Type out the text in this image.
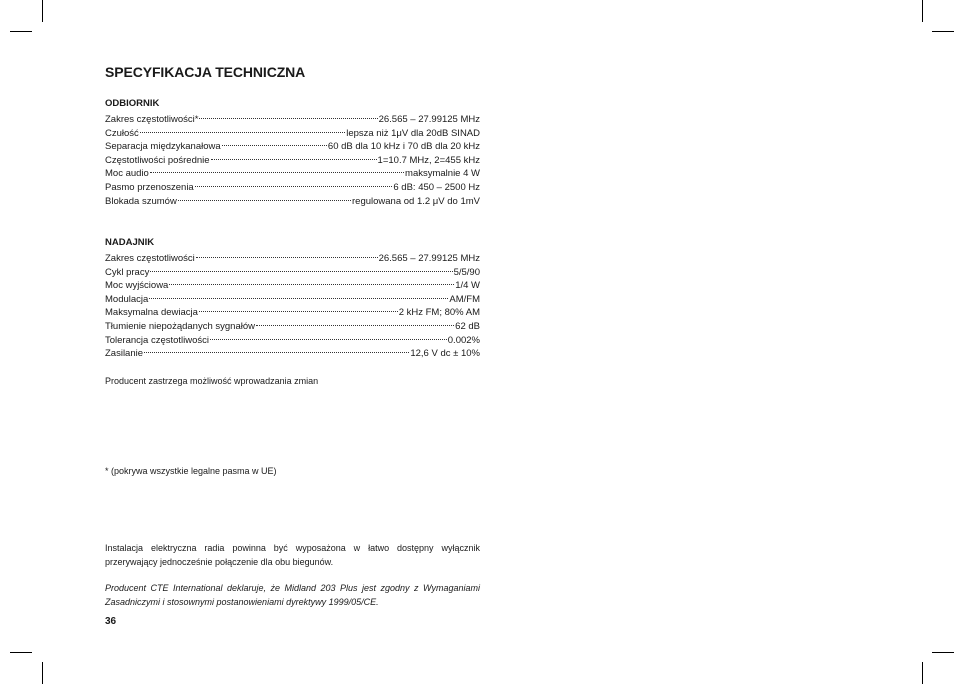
SPECYFIKACJA TECHNICZNA
ODBIORNIK
Zakres częstotliwości*	26.565 – 27.99125 MHz
Czułość	lepsza niż 1μV dla 20dB SINAD
Separacja międzykanałowa	60 dB dla 10 kHz i 70 dB dla 20 kHz
Częstotliwości pośrednie	1=10.7 MHz, 2=455 kHz
Moc audio	maksymalnie 4 W
Pasmo przenoszenia	6 dB: 450 – 2500 Hz
Blokada szumów	regulowana od 1.2 μV do 1mV
NADAJNIK
Zakres częstotliwości	26.565 – 27.99125 MHz
Cykl pracy	5/5/90
Moc wyjściowa	1/4 W
Modulacja	AM/FM
Maksymalna dewiacja	2 kHz FM; 80% AM
Tłumienie niepożądanych sygnałów	62 dB
Tolerancja częstotliwości	0.002%
Zasilanie	12,6 V dc ± 10%
Producent zastrzega możliwość wprowadzania zmian
* (pokrywa wszystkie legalne pasma w UE)
Instalacja elektryczna radia powinna być wyposażona w łatwo dostępny wyłącznik przerywający jednocześnie połączenie dla obu biegunów.
Producent CTE International deklaruje, że Midland 203 Plus jest zgodny z Wymaganiami Zasadniczymi i stosownymi postanowieniami dyrektywy 1999/05/CE.
36
